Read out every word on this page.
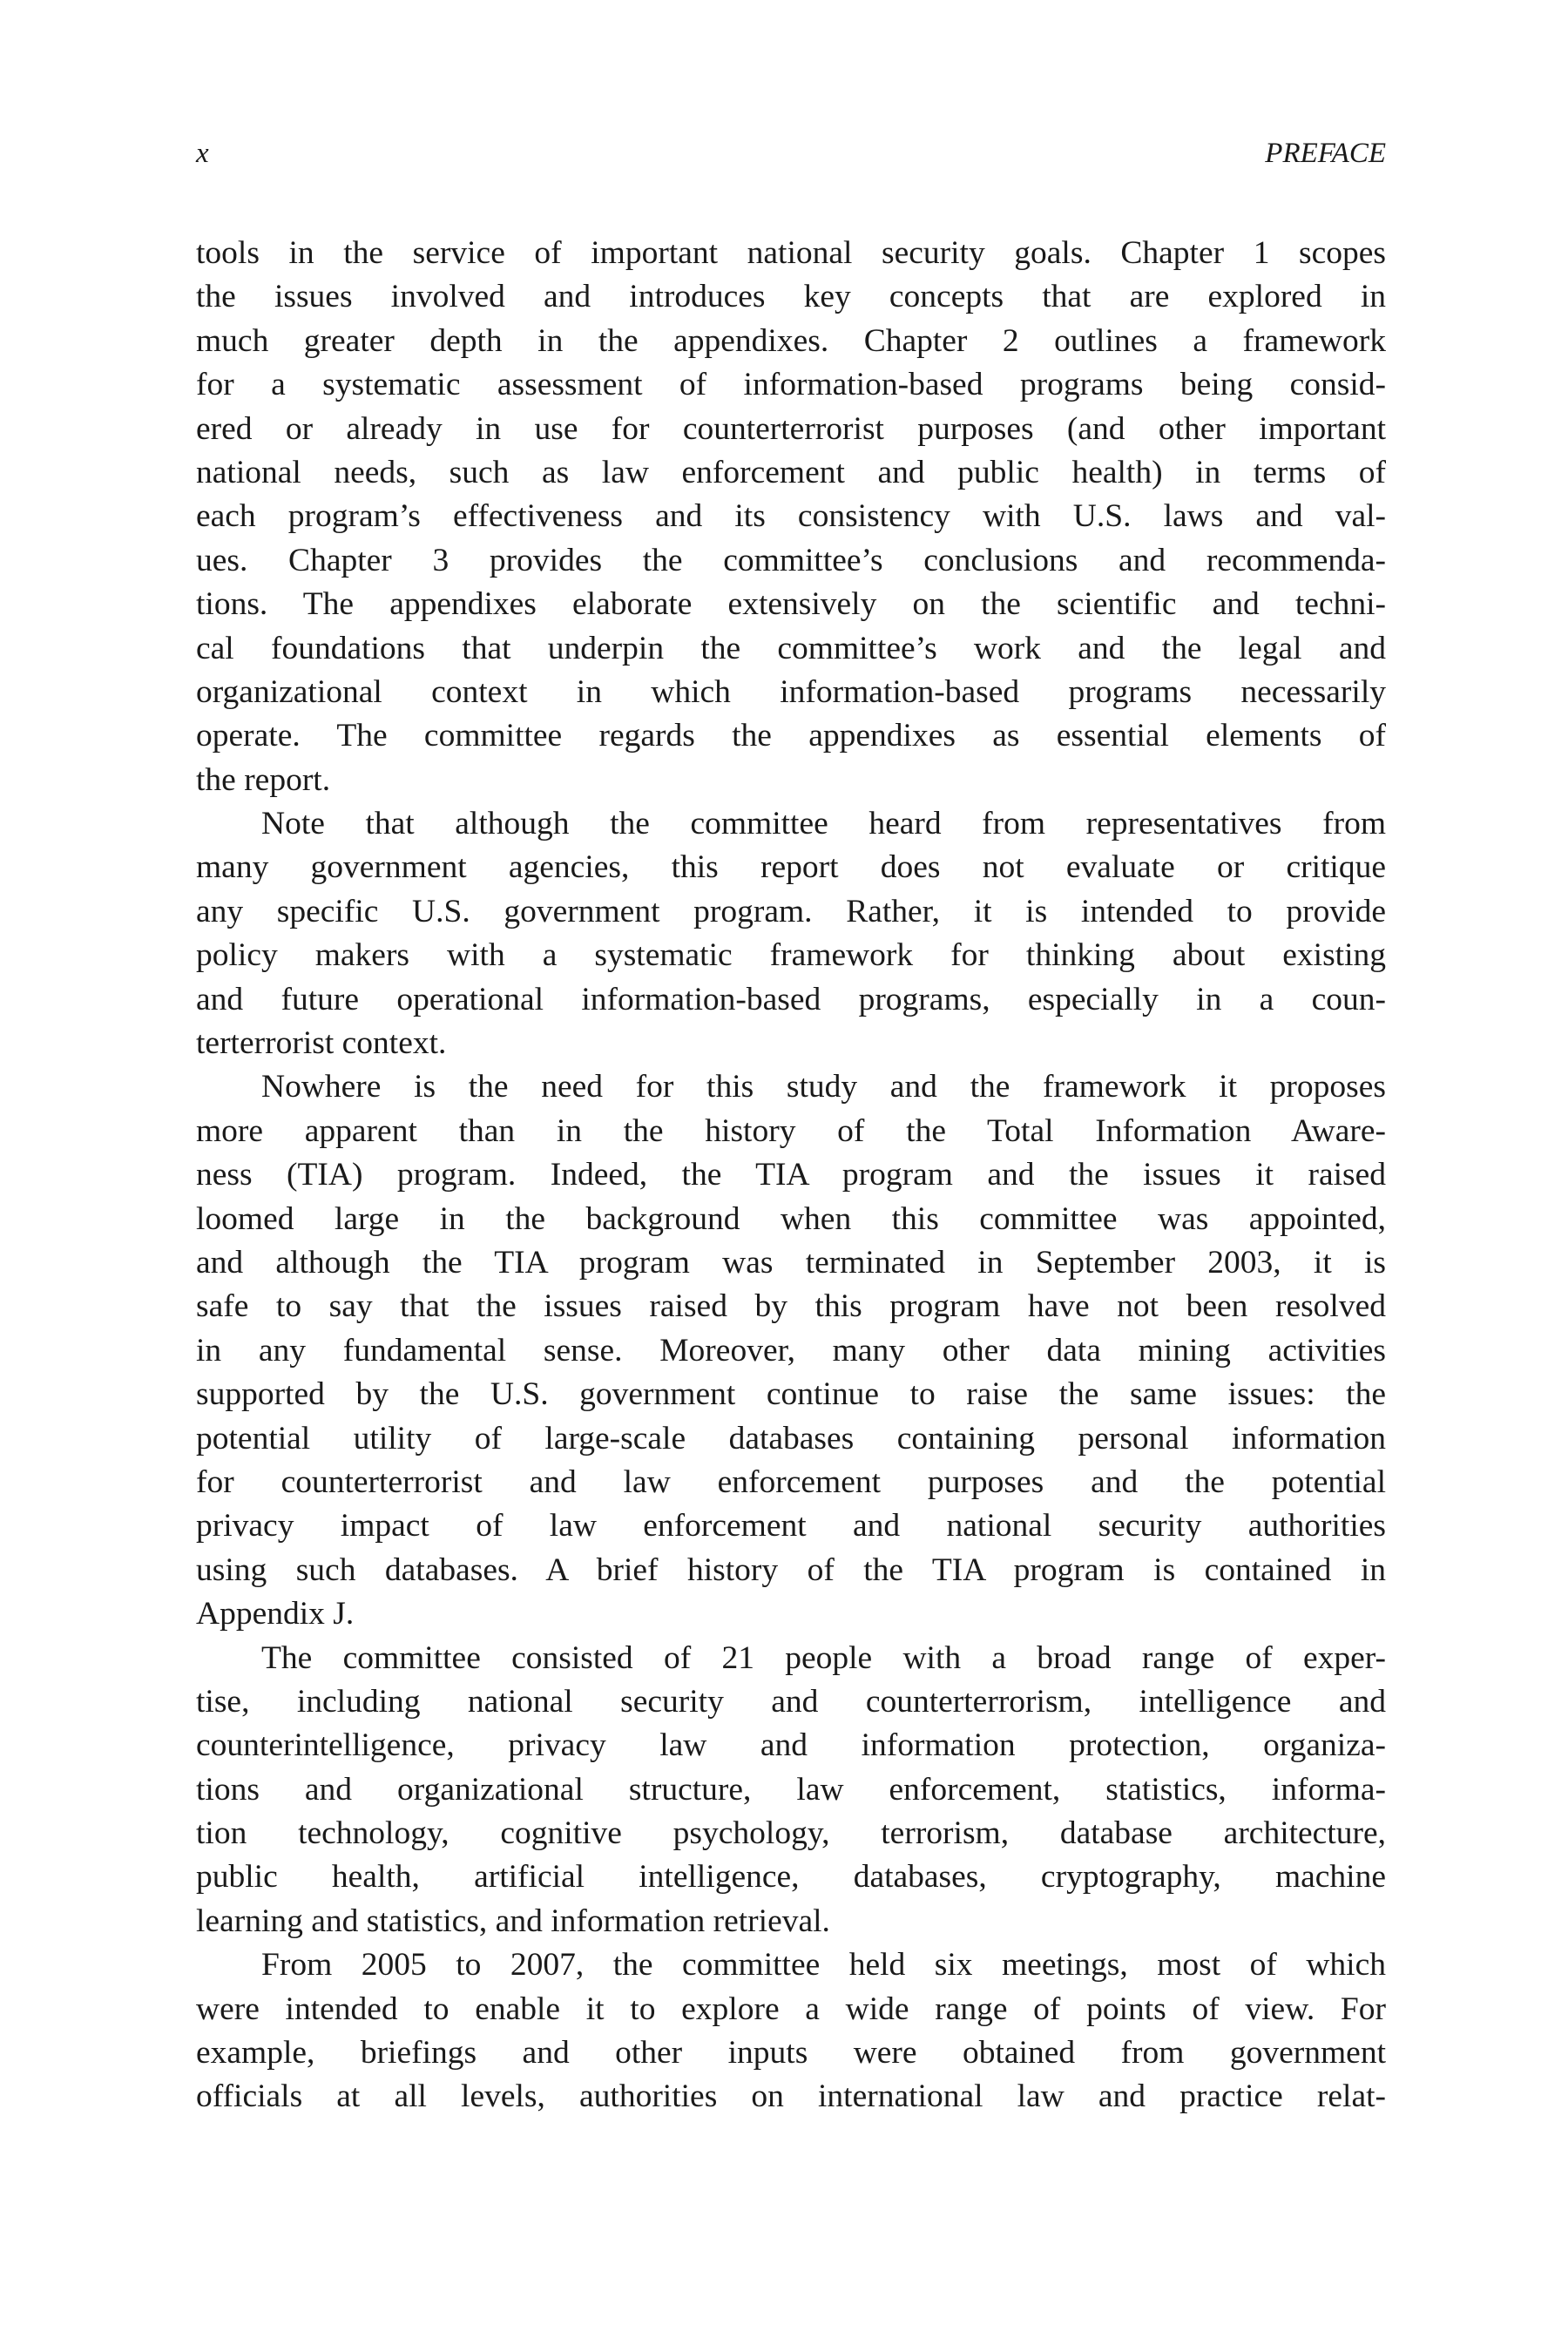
x	PREFACE
tools in the service of important national security goals. Chapter 1 scopes
the issues involved and introduces key concepts that are explored in
much greater depth in the appendixes. Chapter 2 outlines a framework
for a systematic assessment of information-based programs being consid-
ered or already in use for counterterrorist purposes (and other important
national needs, such as law enforcement and public health) in terms of
each program’s effectiveness and its consistency with U.S. laws and val-
ues. Chapter 3 provides the committee’s conclusions and recommenda-
tions. The appendixes elaborate extensively on the scientific and techni-
cal foundations that underpin the committee’s work and the legal and
organizational context in which information-based programs necessarily
operate. The committee regards the appendixes as essential elements of
the report.
Note that although the committee heard from representatives from
many government agencies, this report does not evaluate or critique
any specific U.S. government program. Rather, it is intended to provide
policy makers with a systematic framework for thinking about existing
and future operational information-based programs, especially in a coun-
terterrorist context.
Nowhere is the need for this study and the framework it proposes
more apparent than in the history of the Total Information Aware-
ness (TIA) program. Indeed, the TIA program and the issues it raised
loomed large in the background when this committee was appointed,
and although the TIA program was terminated in September 2003, it is
safe to say that the issues raised by this program have not been resolved
in any fundamental sense. Moreover, many other data mining activities
supported by the U.S. government continue to raise the same issues: the
potential utility of large-scale databases containing personal information
for counterterrorist and law enforcement purposes and the potential
privacy impact of law enforcement and national security authorities
using such databases. A brief history of the TIA program is contained in
Appendix J.
The committee consisted of 21 people with a broad range of exper-
tise, including national security and counterterrorism, intelligence and
counterintelligence, privacy law and information protection, organiza-
tions and organizational structure, law enforcement, statistics, informa-
tion technology, cognitive psychology, terrorism, database architecture,
public health, artificial intelligence, databases, cryptography, machine
learning and statistics, and information retrieval.
From 2005 to 2007, the committee held six meetings, most of which
were intended to enable it to explore a wide range of points of view. For
example, briefings and other inputs were obtained from government
officials at all levels, authorities on international law and practice relat-
